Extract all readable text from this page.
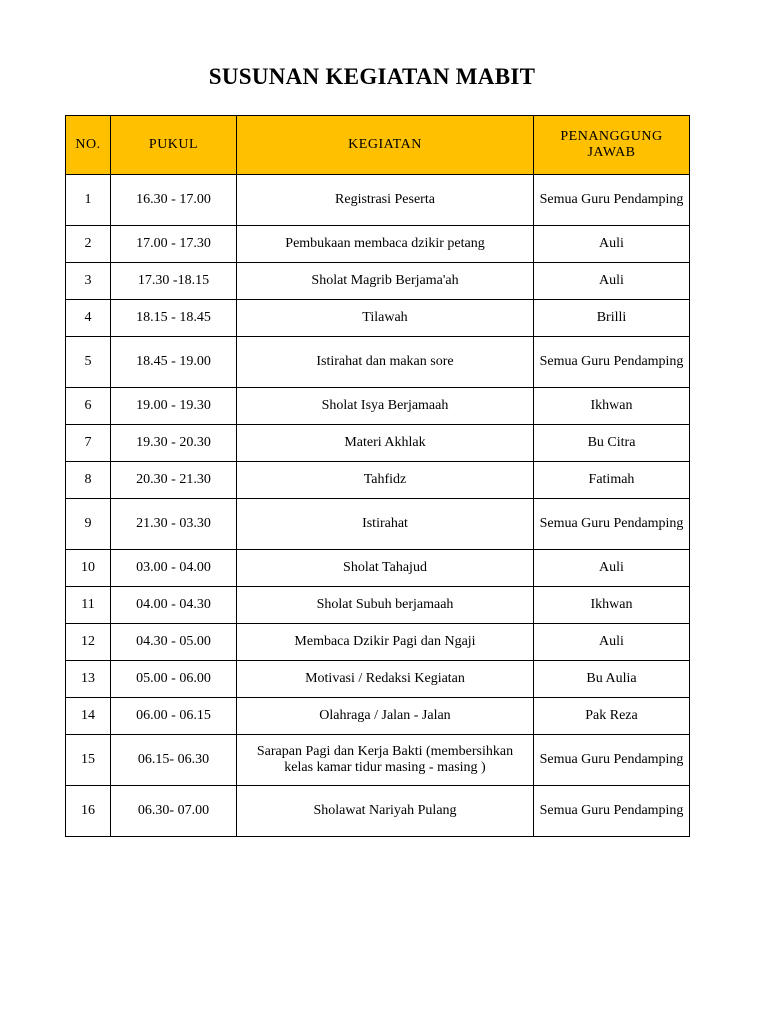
SUSUNAN KEGIATAN MABIT
NO.	PUKUL	KEGIATAN	PENANGGUNG JAWAB
1	16.30 - 17.00	Registrasi Peserta	Semua Guru Pendamping
2	17.00 - 17.30	Pembukaan membaca dzikir petang	Auli
3	17.30 -18.15	Sholat Magrib Berjama'ah	Auli
4	18.15 - 18.45	Tilawah	Brilli
5	18.45 - 19.00	Istirahat dan makan sore	Semua Guru Pendamping
6	19.00 - 19.30	Sholat Isya Berjamaah	Ikhwan
7	19.30 - 20.30	Materi Akhlak	Bu Citra
8	20.30 - 21.30	Tahfidz	Fatimah
9	21.30 - 03.30	Istirahat	Semua Guru Pendamping
10	03.00 - 04.00	Sholat Tahajud	Auli
11	04.00 - 04.30	Sholat Subuh berjamaah	Ikhwan
12	04.30 - 05.00	Membaca Dzikir Pagi dan Ngaji	Auli
13	05.00 - 06.00	Motivasi / Redaksi Kegiatan	Bu Aulia
14	06.00 - 06.15	Olahraga / Jalan - Jalan	Pak Reza
15	06.15- 06.30	Sarapan Pagi dan Kerja Bakti (membersihkan kelas kamar tidur masing - masing )	Semua Guru Pendamping
16	06.30- 07.00	Sholawat Nariyah Pulang	Semua Guru Pendamping
